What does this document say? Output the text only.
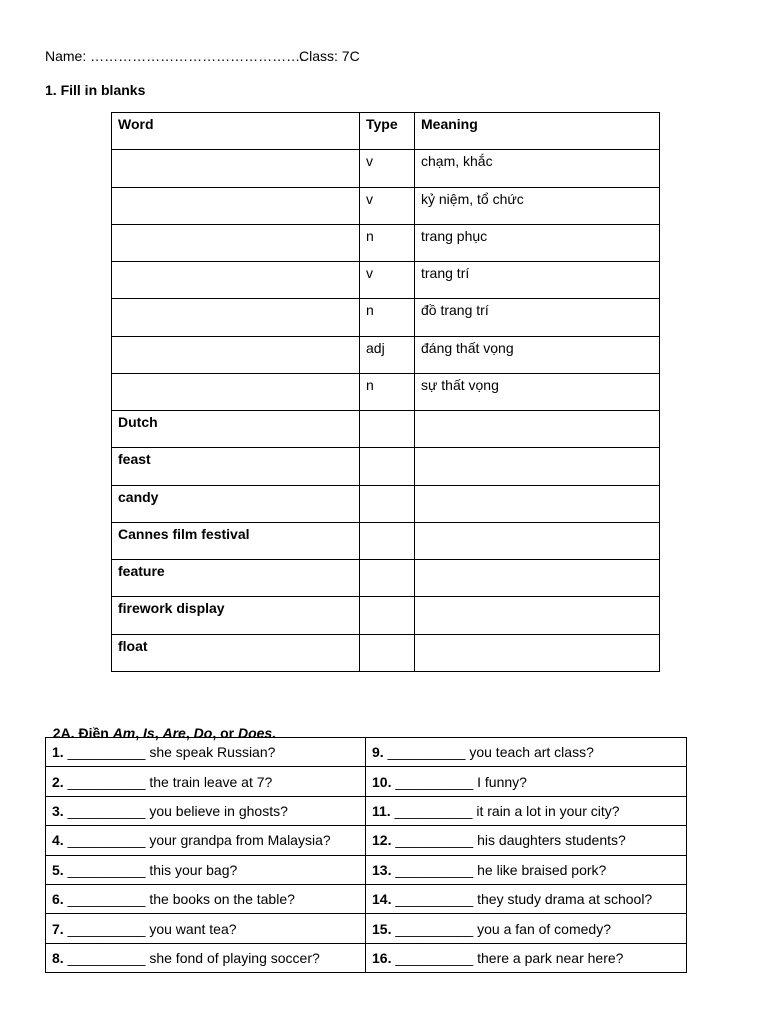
Name: ……………………………………….
Class: 7C
1. Fill in blanks
Word	Type	Meaning
	v	chạm, khắc
	v	kỷ niệm, tổ chức
	n	trang phục
	v	trang trí
	n	đồ trang trí
	adj	đáng thất vọng
	n	sự thất vọng
Dutch		
feast		
candy		
Cannes film festival		
feature		
firework display		
float		

2A. Điền Am, Is, Are, Do, or Does.

1. __________ she speak Russian?	9. __________ you teach art class?
2. __________ the train leave at 7?	10. __________ I funny?
3. __________ you believe in ghosts?	11. __________ it rain a lot in your city?
4. __________ your grandpa from Malaysia?	12. __________ his daughters students?
5. __________ this your bag?	13. __________ he like braised pork?
6. __________ the books on the table?	14. __________ they study drama at school?
7. __________ you want tea?	15. __________ you a fan of comedy?
8. __________ she fond of playing soccer?	16. __________ there a park near here?
